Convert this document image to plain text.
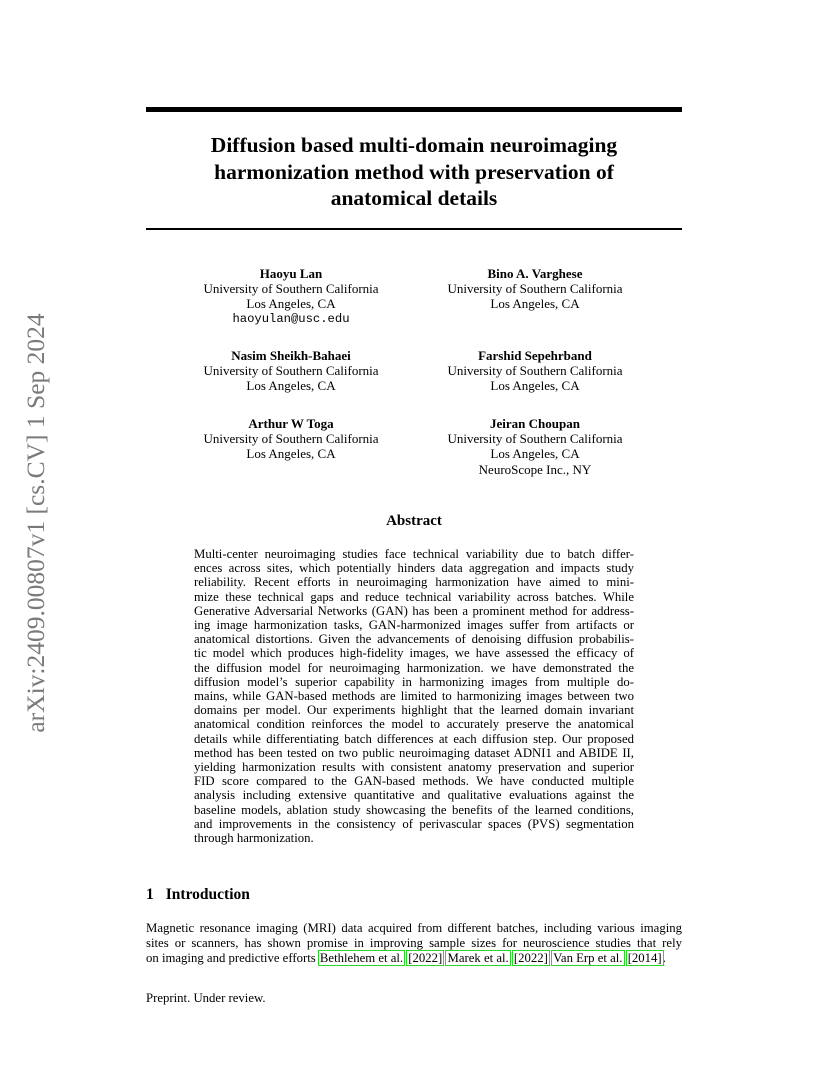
arXiv:2409.00807v1 [cs.CV] 1 Sep 2024
Diffusion based multi-domain neuroimaging
harmonization method with preservation of
anatomical details
Haoyu Lan
University of Southern California
Los Angeles, CA
haoyulan@usc.edu
Bino A. Varghese
University of Southern California
Los Angeles, CA
Nasim Sheikh-Bahaei
University of Southern California
Los Angeles, CA
Farshid Sepehrband
University of Southern California
Los Angeles, CA
Arthur W Toga
University of Southern California
Los Angeles, CA
Jeiran Choupan
University of Southern California
Los Angeles, CA
NeuroScope Inc., NY
Abstract
Multi-center neuroimaging studies face technical variability due to batch differ-
ences across sites, which potentially hinders data aggregation and impacts study
reliability. Recent efforts in neuroimaging harmonization have aimed to mini-
mize these technical gaps and reduce technical variability across batches. While
Generative Adversarial Networks (GAN) has been a prominent method for address-
ing image harmonization tasks, GAN-harmonized images suffer from artifacts or
anatomical distortions. Given the advancements of denoising diffusion probabilis-
tic model which produces high-fidelity images, we have assessed the efficacy of
the diffusion model for neuroimaging harmonization. we have demonstrated the
diffusion model’s superior capability in harmonizing images from multiple do-
mains, while GAN-based methods are limited to harmonizing images between two
domains per model. Our experiments highlight that the learned domain invariant
anatomical condition reinforces the model to accurately preserve the anatomical
details while differentiating batch differences at each diffusion step. Our proposed
method has been tested on two public neuroimaging dataset ADNI1 and ABIDE II,
yielding harmonization results with consistent anatomy preservation and superior
FID score compared to the GAN-based methods. We have conducted multiple
analysis including extensive quantitative and qualitative evaluations against the
baseline models, ablation study showcasing the benefits of the learned conditions,
and improvements in the consistency of perivascular spaces (PVS) segmentation
through harmonization.
1 Introduction
Magnetic resonance imaging (MRI) data acquired from different batches, including various imaging
sites or scanners, has shown promise in improving sample sizes for neuroscience studies that rely
on imaging and predictive efforts Bethlehem et al. [2022] Marek et al. [2022] Van Erp et al. [2014].
Preprint. Under review.
